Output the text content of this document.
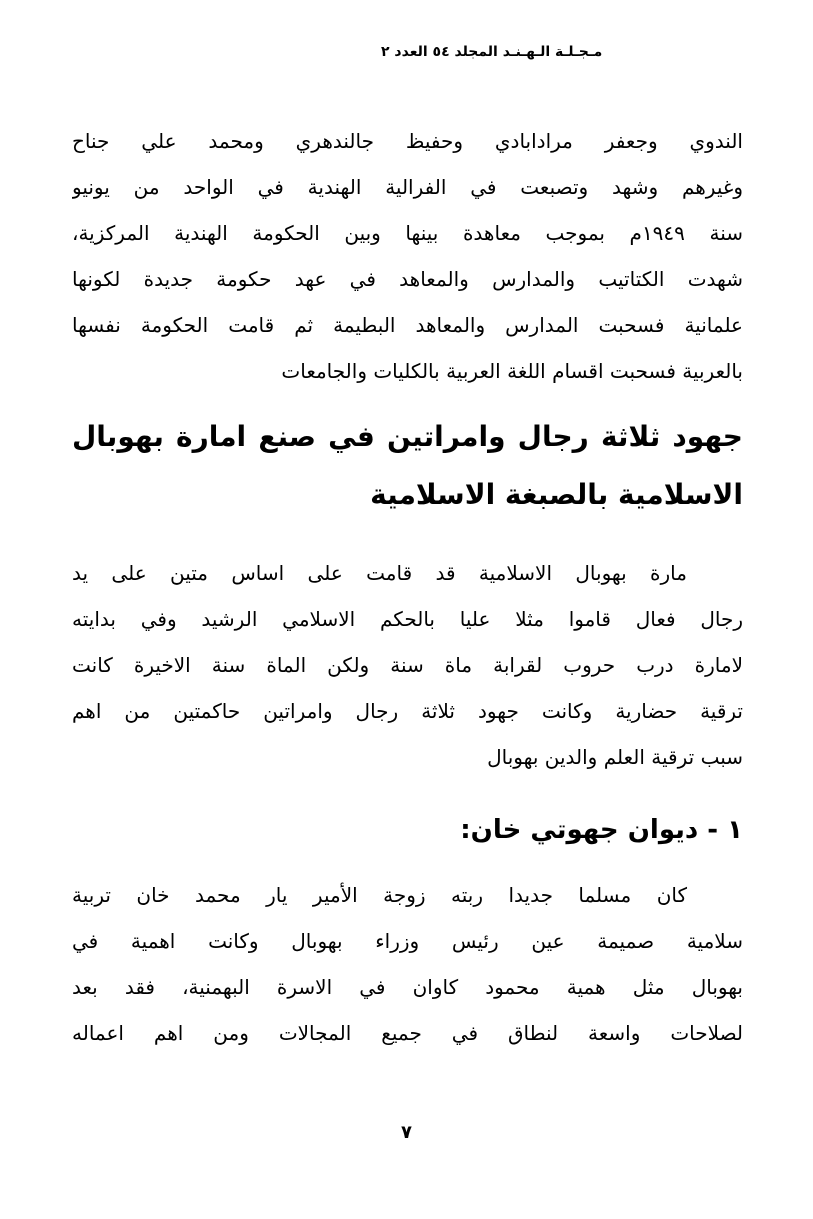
مـجـلـة الـهـنـد المجلد ٥٤ العدد ٢
الندوي وجعفر مرادابادي وحفيظ جالندهري ومحمد علي جناح
وغيرهم وشهد وتصبعت في الفرالية الهندية في الواحد من يونيو
سنة ١٩٤٩م بموجب معاهدة بينها وبين الحكومة الهندية المركزية،
شهدت الكتاتيب والمدارس والمعاهد في عهد حكومة جديدة لكونها
علمانية فسحبت المدارس والمعاهد البطيمة ثم قامت الحكومة نفسها
بالعربية فسحبت اقسام اللغة العربية بالكليات والجامعات
جهود ثلاثة رجال وامراتين في صنع امارة بهوبال
الاسلامية بالصبغة الاسلامية
مارة بهوبال الاسلامية قد قامت على اساس متين على يد
رجال فعال قاموا مثلا عليا بالحكم الاسلامي الرشيد وفي بدايته
لامارة درب حروب لقرابة ماة سنة ولكن الماة سنة الاخيرة كانت
ترقية حضارية وكانت جهود ثلاثة رجال وامراتين حاكمتين من اهم
سبب ترقية العلم والدين بهوبال
١ - ديوان جهوتي خان:
كان مسلما جديدا ربته زوجة الأمير يار محمد خان تربية
سلامية صميمة عين رئيس وزراء بهوبال وكانت اهمية في
بهوبال مثل همية محمود كاوان في الاسرة البهمنية، فقد بعد
لصلاحات واسعة لنطاق في جميع المجالات ومن اهم اعماله
٧
